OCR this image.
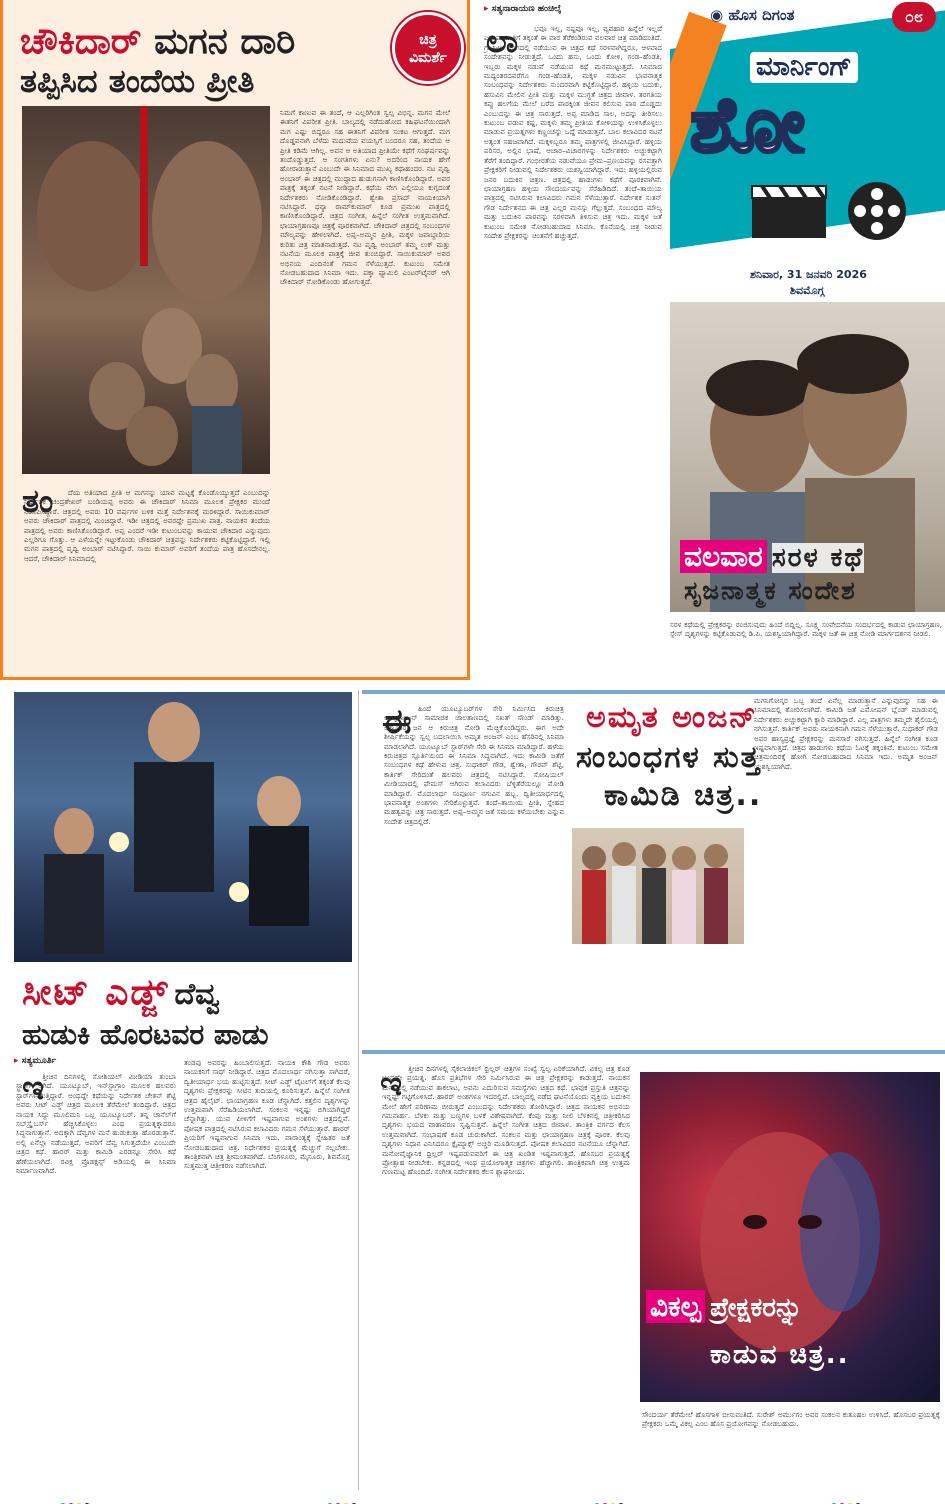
ಚೌಕಿದಾರ್ ಮಗನ ದಾರಿ
ತಪ್ಪಿಸಿದ ತಂದೆಯ ಪ್ರೀತಿ
ಚಿತ್ರ
ವಿಮರ್ಶೆ
ನಿಮಗೆ ಕಾಣುವ ಈ ತಂದೆ, ಆ ಎಲ್ಲರಿಗಿಂತ ಸ್ವಲ್ಪ ವಿಭಿನ್ನ. ಮಗನ ಮೇಲೆ ಈತನಿಗೆ ವಿಪರೀತ ಪ್ರೀತಿ. ಬಾಲ್ಯದಲ್ಲಿ ನಡೆದುಹೋದ ಕಹಿಘಟನೆಯಿಂದಾಗಿ ಮಗ ಎಷ್ಟು ಬಿದ್ದರೂ ಸಹ ಈತನಿಗೆ ವಿಪರೀತ ಸಂಕಟ ಆಗುತ್ತದೆ. ಮಗ ದೊಡ್ಡವನಾಗಿ ಬೆಳೆದು ಮದುವೆಯ ವಯಸ್ಸಿಗೆ ಬಂದರೂ ಸಹ, ತಂದೆಯ ಆ ಪ್ರೀತಿ ಕಡಿಮೆ ಆಗಿಲ್ಲ. ಅವನ ಆ ಅತಿಯಾದ ಪ್ರೀತಿಯೇ ಕಥೆಗೆ ಸಂಘರ್ಷವನ್ನು ತಂದೊಡ್ಡುತ್ತದೆ. ಆ ಸಂಗತಿಗಳು ಏನು? ಅದರಿಂದ ನಾಯಕ ಹೇಗೆ ಹೋರಾಡುತ್ತಾನೆ ಎಂಬುದೇ ಈ ಸಿನಿಮಾದ ಮುಖ್ಯ ಕಥಾಹಂದರ. ನಟ ಪೃಥ್ವಿ ಅಂಬಾರ್ ಈ ಚಿತ್ರದಲ್ಲಿ ಮುದ್ದಾದ ಹುಡುಗನಾಗಿ ಕಾಣಿಸಿಕೊಂಡಿದ್ದಾರೆ. ಅವರ ಪಾತ್ರಕ್ಕೆ ತಕ್ಕಂತೆ ನಟನೆ ನೀಡಿದ್ದಾರೆ. ಕಥೆಯ ವೇಗ ಎಲ್ಲಿಯೂ ಕುಗ್ಗದಂತೆ ನಿರ್ದೇಶಕರು ನೋಡಿಕೊಂಡಿದ್ದಾರೆ. ಶ್ವೇತಾ ಪ್ರಸಾದ್ ನಾಯಕಿಯಾಗಿ ನಟಿಸಿದ್ದಾರೆ. ಧನ್ಯಾ ರಾಮ್‌ಕುಮಾರ್ ಕೂಡ ಪ್ರಮುಖ ಪಾತ್ರದಲ್ಲಿ ಕಾಣಿಸಿಕೊಂಡಿದ್ದಾರೆ. ಚಿತ್ರದ ಸಂಗೀತ, ಹಿನ್ನೆಲೆ ಸಂಗೀತ ಉತ್ತಮವಾಗಿದೆ. ಛಾಯಾಗ್ರಹಣವೂ ಚಿತ್ರಕ್ಕೆ ಪೂರಕವಾಗಿದೆ. ಚೌಕಿದಾರ್ ಚಿತ್ರದಲ್ಲಿ ಸಂಬಂಧಗಳ ಮೌಲ್ಯವನ್ನು ಹೇಳಲಾಗಿದೆ. ಅಪ್ಪ–ಅಮ್ಮನ ಪ್ರೀತಿ, ಮಕ್ಕಳ ಜವಾಬ್ದಾರಿಯ ಕುರಿತು ಚಿತ್ರ ಮಾತನಾಡುತ್ತದೆ. ನಟ ಪೃಥ್ವಿ ಅಂಬಾರ್ ತಮ್ಮ ಲುಕ್ ಮತ್ತು ನಟನೆಯ ಮೂಲಕ ಪಾತ್ರಕ್ಕೆ ಜೀವ ತುಂಬಿದ್ದಾರೆ. ಸಾಯಿಕುಮಾರ್ ಅವರ ಅಭಿನಯ ಎಂದಿನಂತೆ ಗಮನ ಸೆಳೆಯುತ್ತದೆ. ಕುಟುಂಬ ಸಮೇತ ನೋಡಬಹುದಾದ ಸಿನಿಮಾ ಇದು. ಪಕ್ಕಾ ಫ್ಯಾಮಿಲಿ ಎಂಟರ್‌ಟೈನರ್ ಆಗಿ ಚೌಕಿದಾರ್ ನೋಡಿಕೊಂಡು ಹೋಗುತ್ತದೆ.
ತಂ	ದೆಯ ಅತಿಯಾದ ಪ್ರೀತಿ ಆ ಮಗನನ್ನು ಯಾವ ಮಟ್ಟಕ್ಕೆ ಕೊಂಡೊಯ್ಯುತ್ತದೆ ಎಂಬುದನ್ನು ನಿರ್ದೇಶಕ ಚಂದ್ರಶೇಖರ್ ಬಂಡಿಯಪ್ಪ ಅವರು ಈ ಚೌಕಿದಾರ್ ಸಿನಿಮಾ ಮೂಲಕ ಪ್ರೇಕ್ಷಕರ ಮುಂದೆ ನಿರೂಪಿಸಿದ್ದಾರೆ. ಚಿತ್ರದಲ್ಲಿ ಅವರು 10 ವರ್ಷಗಳ ಬಳಿಕ ಮತ್ತೆ ನಿರ್ದೇಶನಕ್ಕೆ ಮರಳಿದ್ದಾರೆ. ಸಾಯಿಕುಮಾರ್ ಅವರು ಚೌಕಿದಾರ್ ಪಾತ್ರದಲ್ಲಿ ಮಿಂಚಿದ್ದಾರೆ. ಇಡೀ ಚಿತ್ರದಲ್ಲಿ ಅವರದ್ದೇ ಪ್ರಮುಖ ಪಾತ್ರ. ನಾಯಕನ ತಂದೆಯ ಪಾತ್ರದಲ್ಲಿ ಅವರು ಕಾಣಿಸಿಕೊಂಡಿದ್ದಾರೆ. ಅಪ್ಪ ಎಂದರೆ ಇಡೀ ಕುಟುಂಬವನ್ನು ಕಾಯುವ ಚೌಕಿದಾರ ಎನ್ನುವುದು ಎಲ್ಲರಿಗೂ ಗೊತ್ತು. ಆ ಎಳೆಯನ್ನೇ ಇಟ್ಟುಕೊಂಡು ಚೌಕಿದಾರ್ ಚಿತ್ರವನ್ನು ನಿರ್ದೇಶಕರು ಕಟ್ಟಿಕೊಟ್ಟಿದ್ದಾರೆ. ಇಲ್ಲಿ ಮಗನ ಪಾತ್ರದಲ್ಲಿ ಪೃಥ್ವಿ ಅಂಬಾರ್ ನಟಿಸಿದ್ದಾರೆ. ಸಾಯಿ ಕುಮಾರ್ ಅವರಿಗೆ ತಂದೆಯ ಪಾತ್ರ ಹೊಸದೇನಲ್ಲ. ಆದರೆ, ಚೌಕಿದಾರ್ ಸಿನಿಮಾದಲ್ಲಿ
▸ ಸತ್ಯನಾರಾಯಣ ಹಂಚಿಲ್ಕೆ
ಲಾ	ಭವೂ ಇಲ್ಲ, ನಷ್ಟವೂ ಇಲ್ಲ, ವ್ಯವಹಾರ ಹಿನ್ನೆಲೆ ಇಲ್ಲದೆ ಎನ್ನುವ ಮಾತಿಗೆ ತಕ್ಕಂತೆ ಈ ವಾರ ತೆರೆಕಂಡಿರುವ ವಲವಾರ ಚಿತ್ರ ಮಾಡಿದಂತಿದೆ. ಗ್ರಾಮೀಣ ಭಾಗದಲ್ಲಿ ನಡೆಯುವ ಈ ಚಿತ್ರದ ಕಥೆ ಸರಳವಾಗಿದ್ದರೂ, ಆಳವಾದ ಸಂದೇಶವನ್ನು ನೀಡುತ್ತದೆ. ಒಂದು ಹಸು, ಒಂದು ಕೋಳಿ, ಗಂಡ–ಹೆಂಡತಿ, ಇಬ್ಬರು ಮಕ್ಕಳ ನಡುವೆ ನಡೆಯುವ ಕಥೆ ಮನಮುಟ್ಟುತ್ತದೆ. ಸಿನಿಮಾದ ಮಧ್ಯಂತರದವರೆಗೂ ಗಂಡ–ಹೆಂಡತಿ, ಮಕ್ಕಳ ನಡುವಿನ ಭಾವನಾತ್ಮಕ ಸಂಬಂಧವನ್ನು ನಿರ್ದೇಶಕರು ಸುಂದರವಾಗಿ ಕಟ್ಟಿಕೊಟ್ಟಿದ್ದಾರೆ. ಹಳ್ಳಿಯ ಬದುಕು, ಹಸುವಿನ ಮೇಲಿನ ಪ್ರೀತಿ ಮತ್ತು ಮಕ್ಕಳ ಮುಗ್ಧತೆ ಚಿತ್ರದ ಜೀವಾಳ. ತರಗತಿಯ ಕಪ್ಪು ಹಲಗೆಯ ಮೇಲೆ ಬರೆದ ಪಾಠಕ್ಕಿಂತ ಜೀವನ ಕಲಿಸುವ ಪಾಠ ದೊಡ್ಡದು ಎಂಬುದನ್ನು ಈ ಚಿತ್ರ ಸಾರುತ್ತದೆ. ಅಪ್ಪ ಮಾಡಿದ ಸಾಲ, ಅದನ್ನು ತೀರಿಸಲು ಕುಟುಂಬ ಪಡುವ ಕಷ್ಟ, ಮಕ್ಕಳು ತಮ್ಮ ಪ್ರೀತಿಯ ಕೋಳಿಯನ್ನು ಉಳಿಸಿಕೊಳ್ಳಲು ಮಾಡುವ ಪ್ರಯತ್ನಗಳು ಕಣ್ಣಂಚನ್ನು ಒದ್ದೆ ಮಾಡುತ್ತವೆ. ಬಾಲ ಕಲಾವಿದರ ನಟನೆ ಅತ್ಯಂತ ಸಹಜವಾಗಿದೆ. ಮಕ್ಕಳಿಬ್ಬರೂ ತಮ್ಮ ಪಾತ್ರಗಳಲ್ಲಿ ಜೀವಿಸಿದ್ದಾರೆ. ಹಳ್ಳಿಯ ಪರಿಸರ, ಅಲ್ಲಿನ ಭಾಷೆ, ಆಚಾರ–ವಿಚಾರಗಳನ್ನು ನಿರ್ದೇಶಕರು ಅಚ್ಚುಕಟ್ಟಾಗಿ ತೆರೆಗೆ ತಂದಿದ್ದಾರೆ. ಗಂಭೀರತೆಯ ನಡುವೆಯೂ ಪ್ರೇಮ–ಪ್ರಣಯವನ್ನು ರಸವತ್ತಾಗಿ ಪ್ರೇಕ್ಷಕರಿಗೆ ನೀಡುವಲ್ಲಿ ನಿರ್ದೇಶಕರು ಯಶಸ್ವಿಯಾಗಿದ್ದಾರೆ. ಇದು ಹಳ್ಳಿಯಲ್ಲಿರುವ ಜನರ ಬದುಕಿನ ಚಿತ್ರಣ. ಚಿತ್ರದಲ್ಲಿ ಹಾಡುಗಳು ಕಥೆಗೆ ಪೂರಕವಾಗಿವೆ. ಛಾಯಾಗ್ರಹಣ ಹಳ್ಳಿಯ ಸೌಂದರ್ಯವನ್ನು ಸೆರೆಹಿಡಿದಿದೆ. ತಂದೆ–ತಾಯಿಯ ಪಾತ್ರದಲ್ಲಿ ನಟಿಸಿರುವ ಕಲಾವಿದರು ಗಮನ ಸೆಳೆಯುತ್ತಾರೆ. ನಿರ್ದೇಶಕ ಸುತನ್ ಗೌಡ ನಿರ್ದೇಶನದ ಈ ಚಿತ್ರ ಎಲ್ಲರ ಮನಸ್ಸು ಗೆಲ್ಲುತ್ತದೆ. ಸಂಬಂಧದ ಮೌಲ್ಯ ಮತ್ತು ಬದುಕಿನ ಪಾಠವನ್ನು ಸರಳವಾಗಿ ತಿಳಿಸುವ ಚಿತ್ರ ಇದು. ಮಕ್ಕಳ ಜತೆ ಕುಟುಂಬ ಸಮೇತ ನೋಡಬಹುದಾದ ಸಿನಿಮಾ. ಕೊನೆಯಲ್ಲಿ ಚಿತ್ರ ನೀಡುವ ಸಂದೇಶ ಪ್ರೇಕ್ಷಕರನ್ನು ಚಿಂತನೆಗೆ ಹಚ್ಚುತ್ತದೆ.
◉ ಹೊಸ ದಿಗಂತ	೦೮
ಮಾರ್ನಿಂಗ್
ಶೋ
ಶನಿವಾರ, 31 ಜನವರಿ 2026
ಶಿವಮೊಗ್ಗ
ವಲವಾರ ಸರಳ ಕಥೆ
ಸೃಜನಾತ್ಮಕ ಸಂದೇಶ
ಸರಳ ಕಥೆಯಲ್ಲಿ ಪ್ರೇಕ್ಷಕರನ್ನು ರಂಜಿಸುವುದು ಹಿಂದೆ ಬಿದ್ದಿಲ್ಲ. ಸೂಕ್ಷ್ಮ ಸಂವೇದನೆಯ ಸಂದರ್ಭದಲ್ಲಿ ಕಾಡುವ ಛಾಯಾಗ್ರಹಣ, ಸ್ಪೇಸ್ ದೃಶ್ಯಗಳನ್ನು ಕಟ್ಟಿಕೊಡುವಲ್ಲಿ ಡಿ.ಪಿ. ಯಶಸ್ವಿಯಾಗಿದ್ದಾರೆ. ಮಕ್ಕಳ ಜತೆ ಈ ಚಿತ್ರ ನೋಡಿ ಮಾರ್ಗದರ್ಶನ ನೀಡಲಿ.
ಸೀಟ್ ಎಡ್ಜ್ ದೆವ್ವ
ಹುಡುಕಿ ಹೊರಟವರ ಪಾಡು
▸ ಸತ್ಯಮೂರ್ತಿ
ಇ
ತ್ತೀಚಿನ ದಿನಗಳಲ್ಲಿ ಸೋಶಿಯಲ್ ಮೀಡಿಯಾ ತುಂಬಾ ಸ್ಟ್ರಾಂಗ್ ಆಗಿದೆ. ಯೂಟ್ಯೂಬ್, ಇನ್‌ಸ್ಟಾಗ್ರಾಂ ಮೂಲಕ ಹಲವರು ಸ್ಟಾರ್‌ಗಳಾಗುತ್ತಿದ್ದಾರೆ. ಅಂಥದ್ದೇ ಕಥೆಯನ್ನು ನಿರ್ದೇಶಕ ಚೇತನ್ ಶೆಟ್ಟಿ ಅವರು ಸೀಟ್ ಎಡ್ಜ್ ಚಿತ್ರದ ಮೂಲಕ ತೆರೆಮೇಲೆ ತಂದಿದ್ದಾರೆ. ಚಿತ್ರದ ನಾಯಕ ಸಿದ್ದು ಮೂಲಿಮನಿ ಒಬ್ಬ ಯೂಟ್ಯೂಬರ್. ತನ್ನ ಚಾನೆಲ್‌ಗೆ ಸಬ್‌ಸ್ಕ್ರೈಬರ್ಸ್ ಹೆಚ್ಚಿಸಿಕೊಳ್ಳಲು ಎಂಥ ಪ್ರಯತ್ನಕ್ಕಾದರೂ ಸಿದ್ಧನಾಗುತ್ತಾನೆ. ಅದಕ್ಕಾಗಿ ದೆವ್ವಗಳ ಮನೆ ಹುಡುಕುತ್ತಾ ಹೊರಡುತ್ತಾನೆ. ಅಲ್ಲಿ ಏನೆಲ್ಲಾ ನಡೆಯುತ್ತದೆ, ಅವರಿಗೆ ದೆವ್ವ ಸಿಗುತ್ತದೆಯೇ ಎಂಬುದೇ ಚಿತ್ರದ ಕಥೆ. ಹಾರರ್ ಮತ್ತು ಕಾಮಿಡಿ ಎರಡನ್ನೂ ಸೇರಿಸಿ ಕಥೆ ಹೆಣೆಯಲಾಗಿದೆ. ರವಿಕ್ಷ ಪ್ರೊಡಕ್ಷನ್ಸ್ ಅಡಿಯಲ್ಲಿ ಈ ಸಿನಿಮಾ ನಿರ್ಮಾಣವಾಗಿದೆ.
ತಂಡವು ಅವರನ್ನು ಹಿಂಬಾಲಿಸುತ್ತದೆ. ನಾಯಕಿ ಕೌಶಿ ಗೌಡ ಅವರು ನಾಯಕನಿಗೆ ಸಾಥ್ ನೀಡಿದ್ದಾರೆ. ಚಿತ್ರದ ಮೊದಲಾರ್ಧ ನಗಿಸುತ್ತಾ ಸಾಗಿದರೆ, ದ್ವಿತೀಯಾರ್ಧ ಭಯ ಹುಟ್ಟಿಸುತ್ತದೆ. ಸೀಟ್ ಎಡ್ಜ್ ಟೈಟಲ್‌ಗೆ ತಕ್ಕಂತೆ ಕೆಲವು ದೃಶ್ಯಗಳು ಪ್ರೇಕ್ಷಕರನ್ನು ಸೀಟಿನ ತುದಿಯಲ್ಲಿ ಕೂರಿಸುತ್ತವೆ. ಹಿನ್ನೆಲೆ ಸಂಗೀತ ಚಿತ್ರದ ಹೈಲೈಟ್. ಛಾಯಾಗ್ರಹಣ ಕೂಡ ಚೆನ್ನಾಗಿದೆ. ಕತ್ತಲಿನ ದೃಶ್ಯಗಳನ್ನು ಉತ್ತಮವಾಗಿ ಸೆರೆಹಿಡಿಯಲಾಗಿದೆ. ಸಂಕಲನ ಇನ್ನಷ್ಟು ಬಿಗಿಯಾಗಿದ್ದರೆ ಚೆನ್ನಾಗಿತ್ತು. ಯುವ ಪೀಳಿಗೆಗೆ ಇಷ್ಟವಾಗುವ ಅಂಶಗಳು ಚಿತ್ರದಲ್ಲಿವೆ. ಪೋಷಕ ಪಾತ್ರದಲ್ಲಿ ನಟಿಸಿರುವ ಕಲಾವಿದರು ಗಮನ ಸೆಳೆಯುತ್ತಾರೆ. ಹಾರರ್ ಪ್ರಿಯರಿಗೆ ಇಷ್ಟವಾಗುವ ಸಿನಿಮಾ ಇದು. ವಾರಾಂತ್ಯಕ್ಕೆ ಸ್ನೇಹಿತರ ಜತೆ ನೋಡಬಹುದಾದ ಚಿತ್ರ. ನಿರ್ದೇಶಕರ ಪ್ರಯತ್ನಕ್ಕೆ ಮೆಚ್ಚುಗೆ ಸಲ್ಲಬೇಕು. ತಾಂತ್ರಿಕವಾಗಿ ಚಿತ್ರ ಶ್ರೀಮಂತವಾಗಿದೆ. ಬೆಂಗಳೂರು, ಮೈಸೂರು, ಶಿವಮೊಗ್ಗ ಸುತ್ತಮುತ್ತ ಚಿತ್ರೀಕರಣ ನಡೆಸಲಾಗಿದೆ.
ಈ ಹಿಂದೆ ಯೂಟ್ಯೂಬರ್‌ಗಳ ಸೇರಿ ನಿರ್ಮಿಸಿದ ಕಿರುಚಿತ್ರ ಅಮೃತಾಂಜನ್ ಸಾಮಾಜಿಕ ಜಾಲತಾಣದಲ್ಲಿ ಸಖತ್ ಸೌಂಡ್ ಮಾಡಿತ್ತು. ಲಕ್ಷಾಂತರ ಜನ ಆ ಕಿರುಚಿತ್ರ ನೋಡಿ ಮೆಚ್ಚಿಕೊಂಡಿದ್ದರು. ಈಗ ಅದೇ ಶೀರ್ಷಿಕೆಯನ್ನು ಸ್ವಲ್ಪ ಬದಲಾಯಿಸಿ ಅಮೃತ ಅಂಜನ್ ಎಂಬ ಹೆಸರಿನಲ್ಲಿ ಸಿನಿಮಾ ಮಾಡಲಾಗಿದೆ. ಯೂಟ್ಯೂಬ್ ಸ್ಟಾರ್‌ಗಳೇ ಸೇರಿ ಈ ಸಿನಿಮಾ ಮಾಡಿದ್ದಾರೆ. ಹಳೆಯ ಕಿರುಚಿತ್ರದ ಸ್ಪೂರ್ತಿಯಿಂದ ಈ ಸಿನಿಮಾ ಸಿದ್ಧವಾಗಿದೆ. ಇದು ಕಾಮಿಡಿ ಜತೆಗೆ ಸಂಬಂಧಗಳ ಕಥೆ ಹೇಳುವ ಚಿತ್ರ. ಸುಧಾಕರ್ ಗೌಡ, ಶ್ವೇತಾ, ಗೌರವ್ ಶೆಟ್ಟಿ, ಕಾರ್ತಿಕ್ ಸೇರಿದಂತೆ ಹಲವರು ಚಿತ್ರದಲ್ಲಿ ನಟಿಸಿದ್ದಾರೆ. ಸೋಷಿಯಲ್ ಮೀಡಿಯಾದಲ್ಲಿ ಫೇಮಸ್ ಆಗಿರುವ ಕಲಾವಿದರು ಬೆಳ್ಳಿತೆರೆಯಲ್ಲೂ ಮೋಡಿ ಮಾಡಿದ್ದಾರೆ. ಮೊದಲಾರ್ಧ ಸಂಪೂರ್ಣ ನಗುವಿನ ಹಬ್ಬ. ದ್ವಿತೀಯಾರ್ಧದಲ್ಲಿ ಭಾವನಾತ್ಮಕ ಅಂಶಗಳು ಸೇರಿಕೊಳ್ಳುತ್ತವೆ. ತಂದೆ–ತಾಯಿಯ ಪ್ರೀತಿ, ಸ್ನೇಹದ ಮಹತ್ವವನ್ನು ಚಿತ್ರ ಸಾರುತ್ತದೆ. ಅಪ್ಪ–ಅಮ್ಮನ ಜತೆ ಸಮಯ ಕಳೆಯಬೇಕು ಎನ್ನುವ ಸಂದೇಶ ಚಿತ್ರದಲ್ಲಿದೆ.
ಅಮೃತ ಅಂಜನ್
ಸಂಬಂಧಗಳ ಸುತ್ತ
ಕಾಮಿಡಿ ಚಿತ್ರ..
ಮಗನಿಗೋಸ್ಕರ ಒಬ್ಬ ತಂದೆ ಏನೆಲ್ಲ ಮಾಡುತ್ತಾನೆ ಎನ್ನುವುದನ್ನು ಸಹ ಈ ಸಿನಿಮಾದಲ್ಲಿ ತೋರಿಸಲಾಗಿದೆ. ಕಾಮಿಡಿ ಜತೆ ಎಮೋಷನ್ ಬ್ಲೆಂಡ್ ಮಾಡುವಲ್ಲಿ ನಿರ್ದೇಶಕರು ಅಚ್ಚುಕಟ್ಟಾಗಿ ಕ್ಯಾರಿ ಮಾಡಿದ್ದಾರೆ. ಎಲ್ಲ ಪಾತ್ರಗಳು ತಮ್ಮದೇ ಶೈಲಿಯಲ್ಲಿ ನಗಿಸುತ್ತವೆ. ಕಾರ್ತಿಕ್ ಅವರು ನಾಯಕನಾಗಿ ಗಮನ ಸೆಳೆಯುತ್ತಾರೆ. ಸುಧಾಕರ್ ಗೌಡ ಅವರ ಹಾಸ್ಯಪ್ರಜ್ಞೆ ಪ್ರೇಕ್ಷಕರನ್ನು ಮನಸಾರೆ ನಗಿಸುತ್ತದೆ. ಹಿನ್ನೆಲೆ ಸಂಗೀತ ಕೂಡ ಇಷ್ಟವಾಗುತ್ತದೆ. ಚಿತ್ರದ ಹಾಡುಗಳು ಕಥೆಯ ಓಟಕ್ಕೆ ತಕ್ಕಂತಿವೆ. ಕುಟುಂಬ ಸಮೇತ ಚಿತ್ರಮಂದಿರಕ್ಕೆ ಹೋಗಿ ನೋಡಬಹುದಾದ ಸಿನಿಮಾ ಇದು. ಅಮೃತ ಅಂಜನ್ ಯಶಸ್ವಿಯಾಗಿದೆ.
ಇ ತ್ತೀಚಿನ ದಿನಗಳಲ್ಲಿ ಸೈಕಲಾಜಿಕಲ್ ಥ್ರಿಲ್ಲರ್ ಚಿತ್ರಗಳ ಸಂಖ್ಯೆ ಸ್ವಲ್ಪ ಏರಿಕೆಯಾಗಿದೆ. ವಿಕಲ್ಪ ಚಿತ್ರ ಕೂಡ ಅಂಥದ್ದೇ ಪ್ರಯತ್ನ. ಹೊಸ ಪ್ರತಿಭೆಗಳ ಸೇರಿ ನಿರ್ಮಿಸಿರುವ ಈ ಚಿತ್ರ ಪ್ರೇಕ್ಷಕರನ್ನು ಕಾಡುತ್ತದೆ. ನಾಯಕನ ಮನಸ್ಸಿನಲ್ಲಿ ನಡೆಯುವ ತಾಕಲಾಟ, ಅವನು ಎದುರಿಸುವ ಸಮಸ್ಯೆಗಳು ಚಿತ್ರದ ಕಥೆ. ಭಾವುಕ ಪ್ರಸ್ತುತಿ ಚಿತ್ರವನ್ನು ಇನ್ನಷ್ಟು ಗಟ್ಟಿಗೊಳಿಸಿದೆ. ಹಾರರ್ ಅಂಶಗಳೂ ಇದರಲ್ಲಿವೆ. ಬಾಲ್ಯದಲ್ಲಿ ನಡೆದ ಘಟನೆಯೊಂದು ವ್ಯಕ್ತಿಯ ಬದುಕಿನ ಮೇಲೆ ಹೇಗೆ ಪರಿಣಾಮ ಬೀರುತ್ತದೆ ಎಂಬುದನ್ನು ನಿರ್ದೇಶಕರು ತೋರಿಸಿದ್ದಾರೆ. ಚಿತ್ರದ ನಾಯಕನ ಅಭಿನಯ ಗಮನಾರ್ಹ. ಬೆಳಕು ಮತ್ತು ಬಣ್ಣಗಳ ಬಳಕೆ ವಿಶೇಷವಾಗಿದೆ. ಕೆಂಪು ಮತ್ತು ನೀಲಿ ಬೆಳಕಿನಲ್ಲಿ ಚಿತ್ರೀಕರಿಸಿದ ದೃಶ್ಯಗಳು ಭಯದ ವಾತಾವರಣ ಸೃಷ್ಟಿಸುತ್ತವೆ. ಹಿನ್ನೆಲೆ ಸಂಗೀತ ಚಿತ್ರದ ಜೀವಾಳ. ತಾಂತ್ರಿಕ ವರ್ಗದ ಕೆಲಸ ಉತ್ತಮವಾಗಿದೆ. ಸಂಭಾಷಣೆ ಕೂಡ ಚುರುಕಾಗಿದೆ. ಸಂಕಲನ ಮತ್ತು ಛಾಯಾಗ್ರಹಣ ಚಿತ್ರಕ್ಕೆ ಪೂರಕ. ಕೆಲವು ದೃಶ್ಯಗಳು ನಿಧಾನ ಎನಿಸಿದರೂ ಕ್ಲೈಮ್ಯಾಕ್ಸ್ ಅಚ್ಚರಿ ಮೂಡಿಸುತ್ತದೆ. ಪೋಷಕ ಕಲಾವಿದರ ನಟನೆಯೂ ಚೆನ್ನಾಗಿದೆ. ಮನೋವೈಜ್ಞಾನಿಕ ಥ್ರಿಲ್ಲರ್ ಇಷ್ಟಪಡುವವರಿಗೆ ಈ ಚಿತ್ರ ಖಂಡಿತ ಇಷ್ಟವಾಗುತ್ತದೆ. ಹೊಸಬರ ಪ್ರಯತ್ನಕ್ಕೆ ಪ್ರೋತ್ಸಾಹ ನೀಡಬೇಕು. ಕನ್ನಡದಲ್ಲಿ ಇಂಥ ಪ್ರಯೋಗಾತ್ಮಕ ಚಿತ್ರಗಳು ಹೆಚ್ಚಾಗಲಿ. ತಾಂತ್ರಿಕವಾಗಿ ಚಿತ್ರ ಉತ್ತಮ ಗುಣಮಟ್ಟ ಹೊಂದಿದೆ. ಸಂಗೀತ ನಿರ್ದೇಶಕರ ಕೆಲಸ ಶ್ಲಾಘನೀಯ.
ವಿಕಲ್ಪ ಪ್ರೇಕ್ಷಕರನ್ನು
ಕಾಡುವ ಚಿತ್ರ..
ಸೌಂದರ್ಯ ತೆರೆಮೇಲೆ ಹೊಸಗಾಳಿ ಬೀಸುವಂತಿದೆ. ಸುರೇಶ್ ಅರ್ಮುಗಂ ಅವರ ಸಂಕಲನ ಕುತೂಹಲ ಉಳಿಸಿದೆ. ಹೊಸಬರ ಪ್ರಯತ್ನಕ್ಕೆ ಪ್ರೇಕ್ಷಕರು ಒಮ್ಮೆ ವಿಕಲ್ಪ ಎಂಬ ಹೊಸ ಪ್ರಯೋಗವನ್ನು ನೋಡಬಹುದು.
